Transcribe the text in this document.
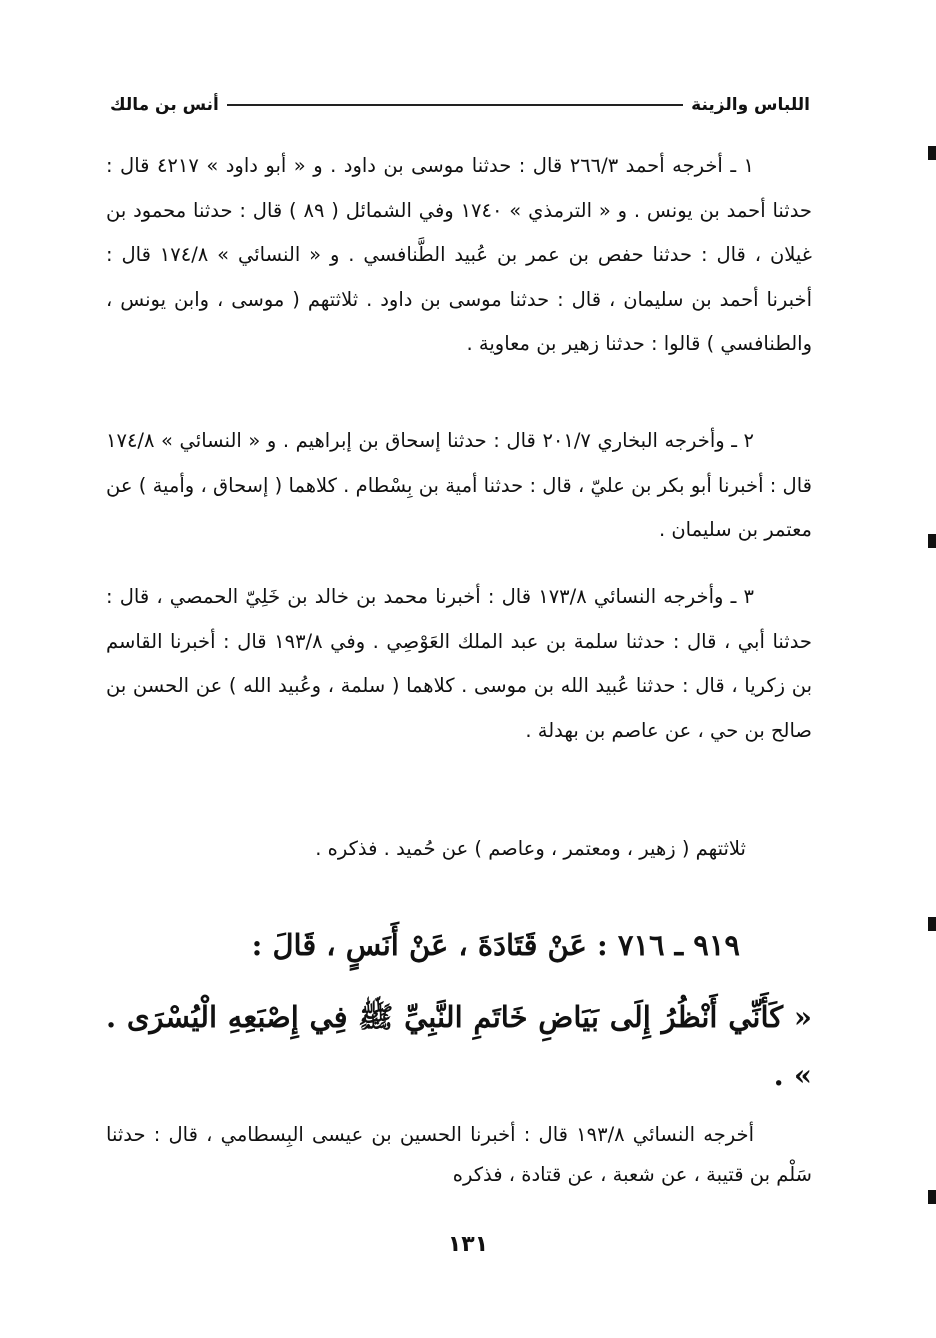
اللباس والزينة
أنس بن مالك

١ ـ أخرجه أحمد ٢٦٦/٣ قال : حدثنا موسى بن داود . و « أبو داود » ٤٢١٧ قال : حدثنا أحمد بن يونس . و « الترمذي » ١٧٤٠ وفي الشمائل ( ٨٩ ) قال : حدثنا محمود بن غيلان ، قال : حدثنا حفص بن عمر بن عُبيد الطَّنافسي . و « النسائي » ١٧٤/٨ قال : أخبرنا أحمد بن سليمان ، قال : حدثنا موسى بن داود . ثلاثتهم ( موسى ، وابن يونس ، والطنافسي ) قالوا : حدثنا زهير بن معاوية .

٢ ـ وأخرجه البخاري ٢٠١/٧ قال : حدثنا إسحاق بن إبراهيم . و « النسائي » ١٧٤/٨ قال : أخبرنا أبو بكر بن عليّ ، قال : حدثنا أمية بن بِسْطام . كلاهما ( إسحاق ، وأمية ) عن معتمر بن سليمان .

٣ ـ وأخرجه النسائي ١٧٣/٨ قال : أخبرنا محمد بن خالد بن خَلِيّ الحمصي ، قال : حدثنا أبي ، قال : حدثنا سلمة بن عبد الملك العَوْصِي . وفي ١٩٣/٨ قال : أخبرنا القاسم بن زكريا ، قال : حدثنا عُبيد الله بن موسى . كلاهما ( سلمة ، وعُبيد الله ) عن الحسن بن صالح بن حي ، عن عاصم بن بهدلة .

ثلاثتهم ( زهير ، ومعتمر ، وعاصم ) عن حُميد . فذكره .

٩١٩ ـ ٧١٦ : عَنْ قَتَادَةَ ، عَنْ أَنَسٍ ، قَالَ :

« كَأَنِّي أَنْظُرُ إِلَى بَيَاضِ خَاتَمِ النَّبِيِّ ﷺ فِي إِصْبَعِهِ الْيُسْرَى . » .

أخرجه النسائي ١٩٣/٨ قال : أخبرنا الحسين بن عيسى البِسطامي ، قال : حدثنا سَلْم بن قتيبة ، عن شعبة ، عن قتادة ، فذكره

١٣١
